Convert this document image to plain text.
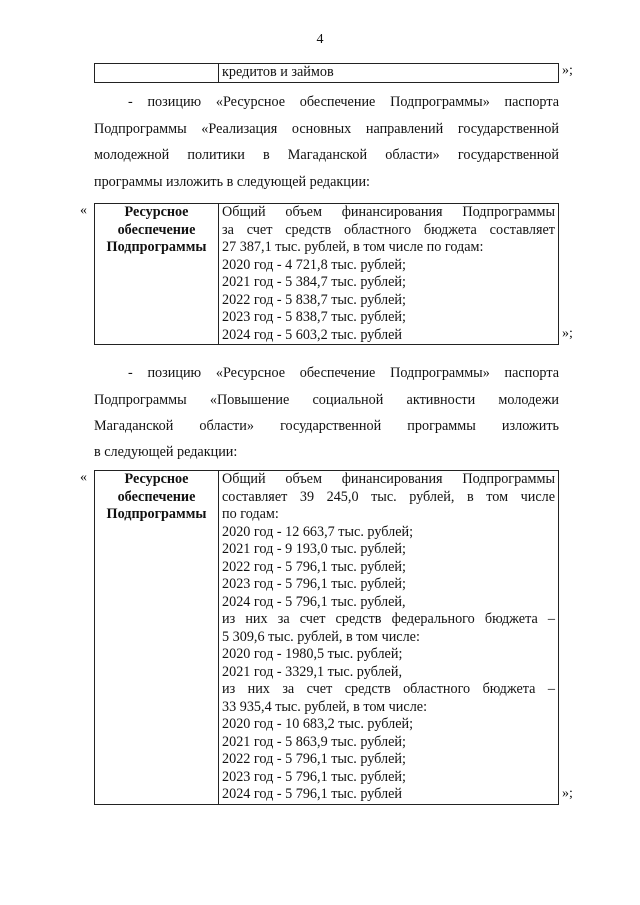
4

кредитов и займов	»;
- позицию «Ресурсное обеспечение Подпрограммы» паспорта
Подпрограммы «Реализация основных направлений государственной
молодежной политики в Магаданской области» государственной
программы изложить в следующей редакции:
«	Ресурсное
обеспечение
Подпрограммы

Общий объем финансирования Подпрограммы
за счет средств областного бюджета составляет
27 387,1 тыс. рублей, в том числе по годам:
2020 год - 4 721,8 тыс. рублей;
2021 год - 5 384,7 тыс. рублей;
2022 год - 5 838,7 тыс. рублей;
2023 год - 5 838,7 тыс. рублей;
2024 год - 5 603,2 тыс. рублей	»;
- позицию «Ресурсное обеспечение Подпрограммы» паспорта
Подпрограммы «Повышение социальной активности молодежи
Магаданской области» государственной программы изложить
в следующей редакции:
«	Ресурсное
обеспечение
Подпрограммы

Общий объем финансирования Подпрограммы
составляет 39 245,0 тыс. рублей, в том числе
по годам:
2020 год - 12 663,7 тыс. рублей;
2021 год - 9 193,0 тыс. рублей;
2022 год - 5 796,1 тыс. рублей;
2023 год - 5 796,1 тыс. рублей;
2024 год - 5 796,1 тыс. рублей,
из них за счет средств федерального бюджета –
5 309,6 тыс. рублей, в том числе:
2020 год - 1980,5 тыс. рублей;
2021 год - 3329,1 тыс. рублей,
из них за счет средств областного бюджета –
33 935,4 тыс. рублей, в том числе:
2020 год - 10 683,2 тыс. рублей;
2021 год - 5 863,9 тыс. рублей;
2022 год - 5 796,1 тыс. рублей;
2023 год - 5 796,1 тыс. рублей;
2024 год - 5 796,1 тыс. рублей	»;
